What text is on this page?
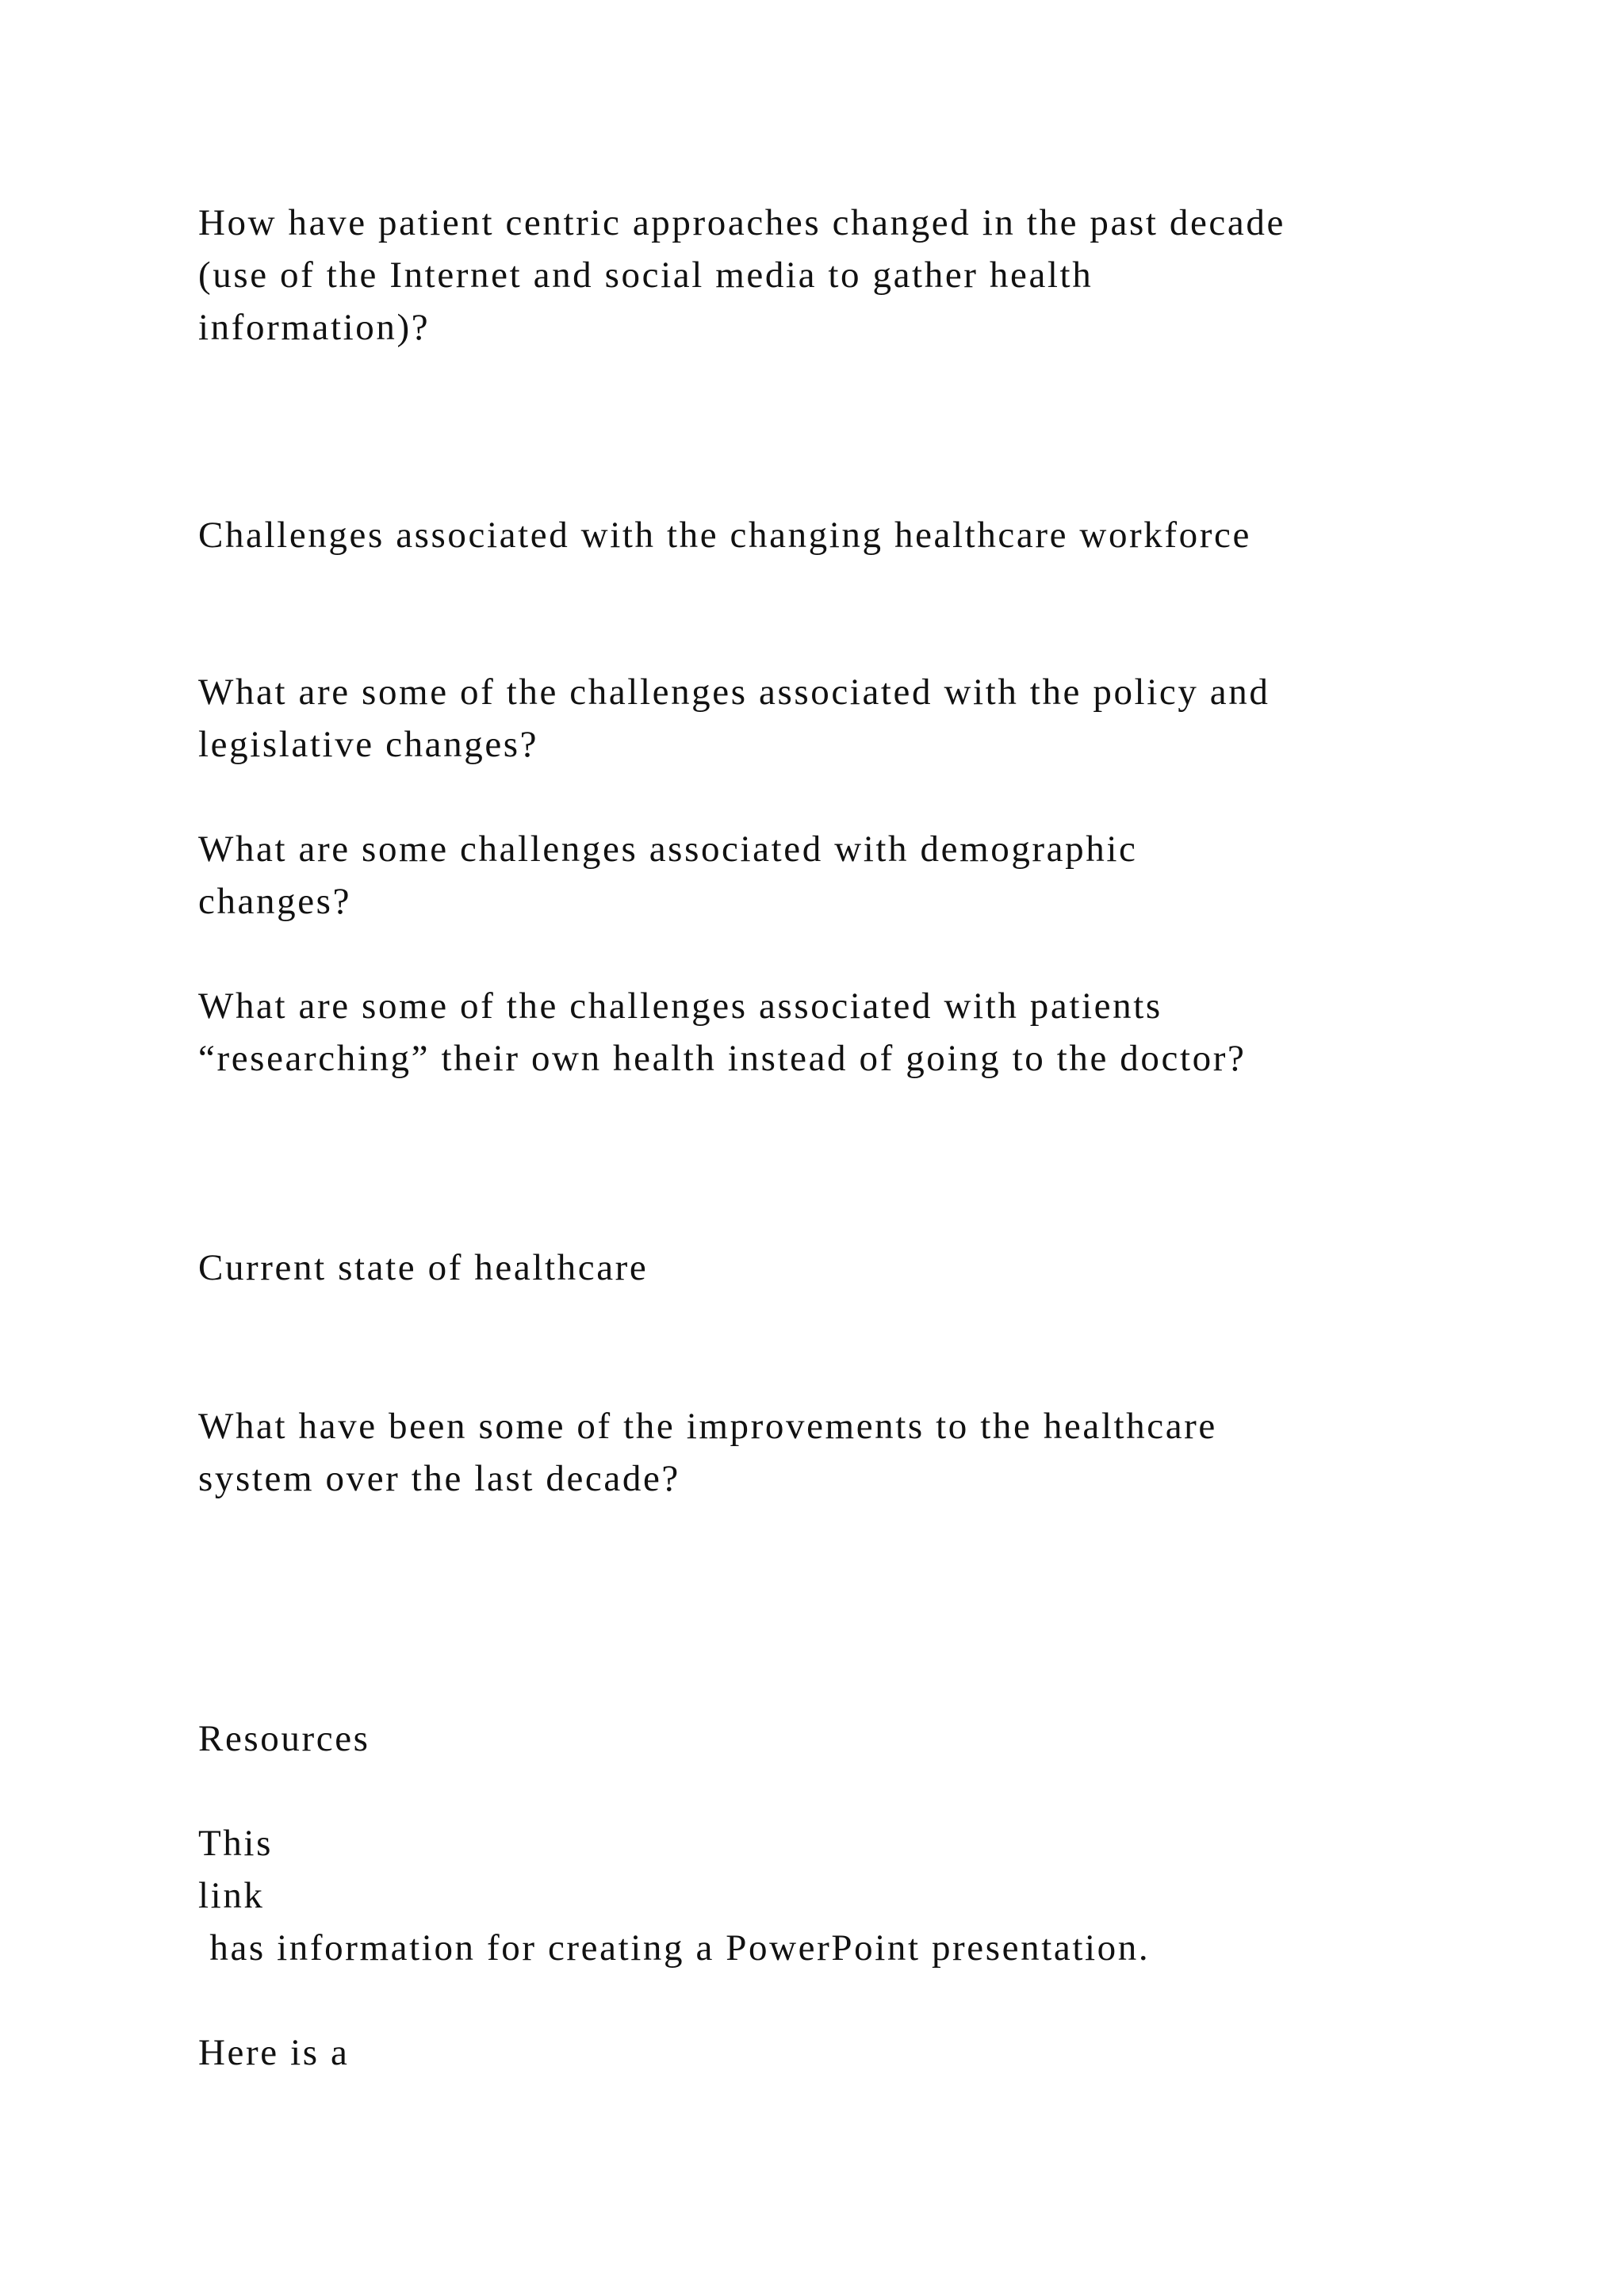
How have patient centric approaches changed in the past decade

(use of the Internet and social media to gather health

information)?

Challenges associated with the changing healthcare workforce

What are some of the challenges associated with the policy and

legislative changes?

What are some challenges associated with demographic

changes?

What are some of the challenges associated with patients

“researching” their own health instead of going to the doctor?

Current state of healthcare

What have been some of the improvements to the healthcare

system over the last decade?

Resources

This

link

has information for creating a PowerPoint presentation.

Here is a
